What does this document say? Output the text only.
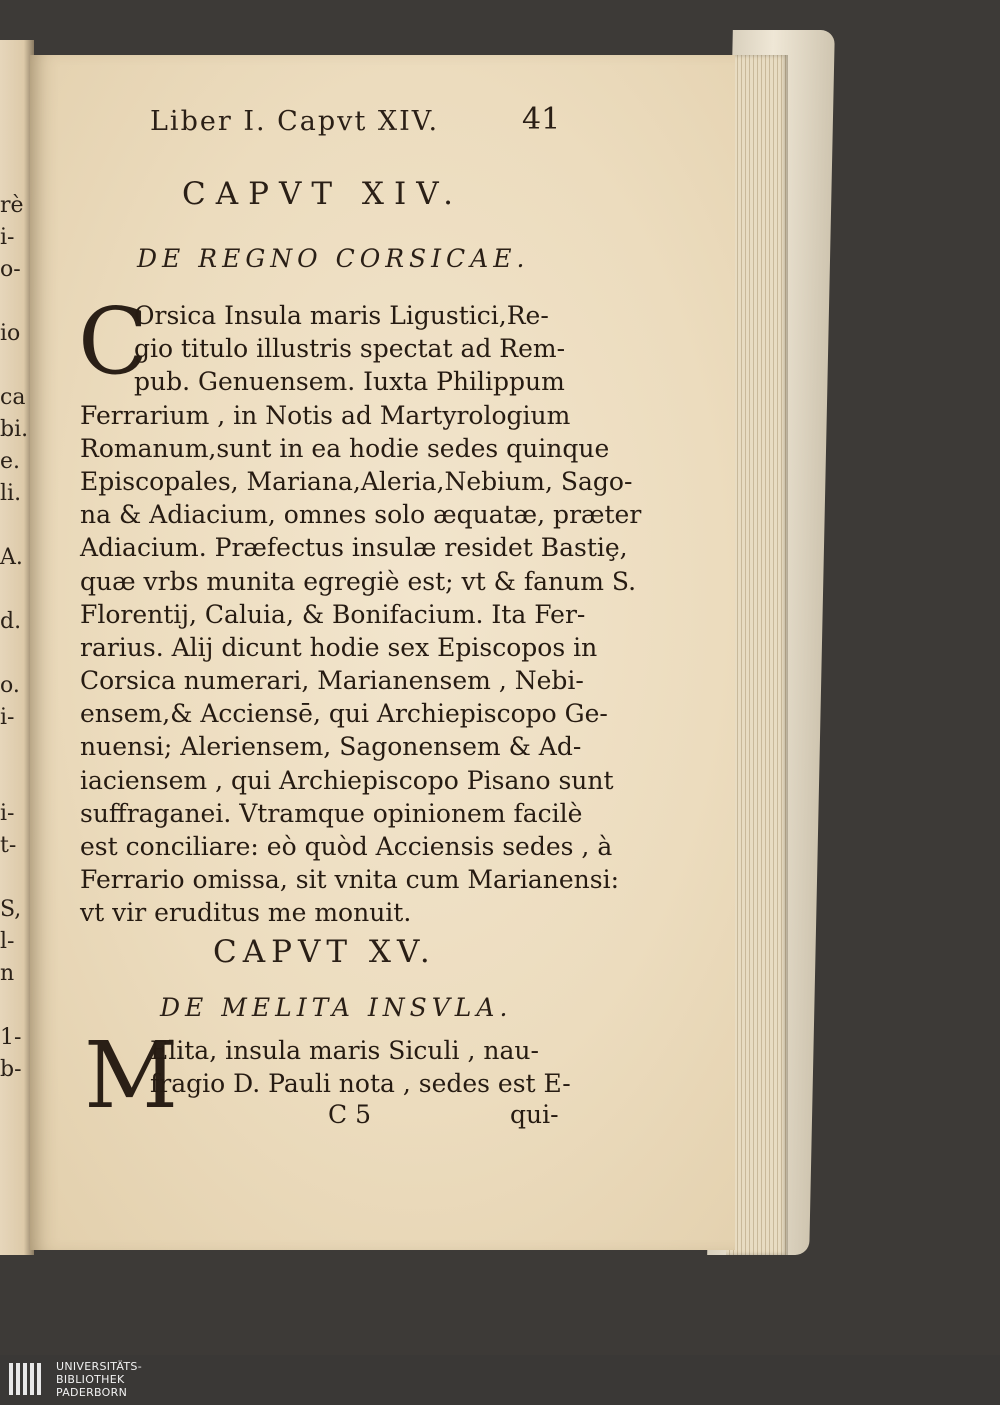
rè
i-
o-
io
ca
bi.
e.
li.
A.
d.
o.
i-
i-
t-
S,
l-
n
1-
b-
Liber I. Capvt XIV.	41
CAPVT XIV.
DE REGNO CORSICAE.
C
Orsica Insula maris Ligustici,Re-
gio titulo illustris spectat ad Rem-
pub. Genuensem. Iuxta Philippum
Ferrarium , in Notis ad Martyrologium
Romanum,sunt in ea hodie sedes quinque
Episcopales, Mariana,Aleria,Nebium, Sago-
na & Adiacium, omnes solo æquatæ, præter
Adiacium. Præfectus insulæ residet Bastiȩ,
quæ vrbs munita egregiè est; vt & fanum S.
Florentij, Caluia, & Bonifacium. Ita Fer-
rarius. Alij dicunt hodie sex Episcopos in
Corsica numerari, Marianensem , Nebi-
ensem,& Acciensē, qui Archiepiscopo Ge-
nuensi; Aleriensem, Sagonensem & Ad-
iaciensem , qui Archiepiscopo Pisano sunt
suffraganei. Vtramque opinionem facilè
est conciliare: eò quòd Acciensis sedes , à
Ferrario omissa, sit vnita cum Marianensi:
vt vir eruditus me monuit.
CAPVT XV.
DE MELITA INSVLA.
M
Elita, insula maris Siculi , nau-
fragio D. Pauli nota , sedes est E-
C 5	qui-
UNIVERSITÄTS-
BIBLIOTHEK
PADERBORN
